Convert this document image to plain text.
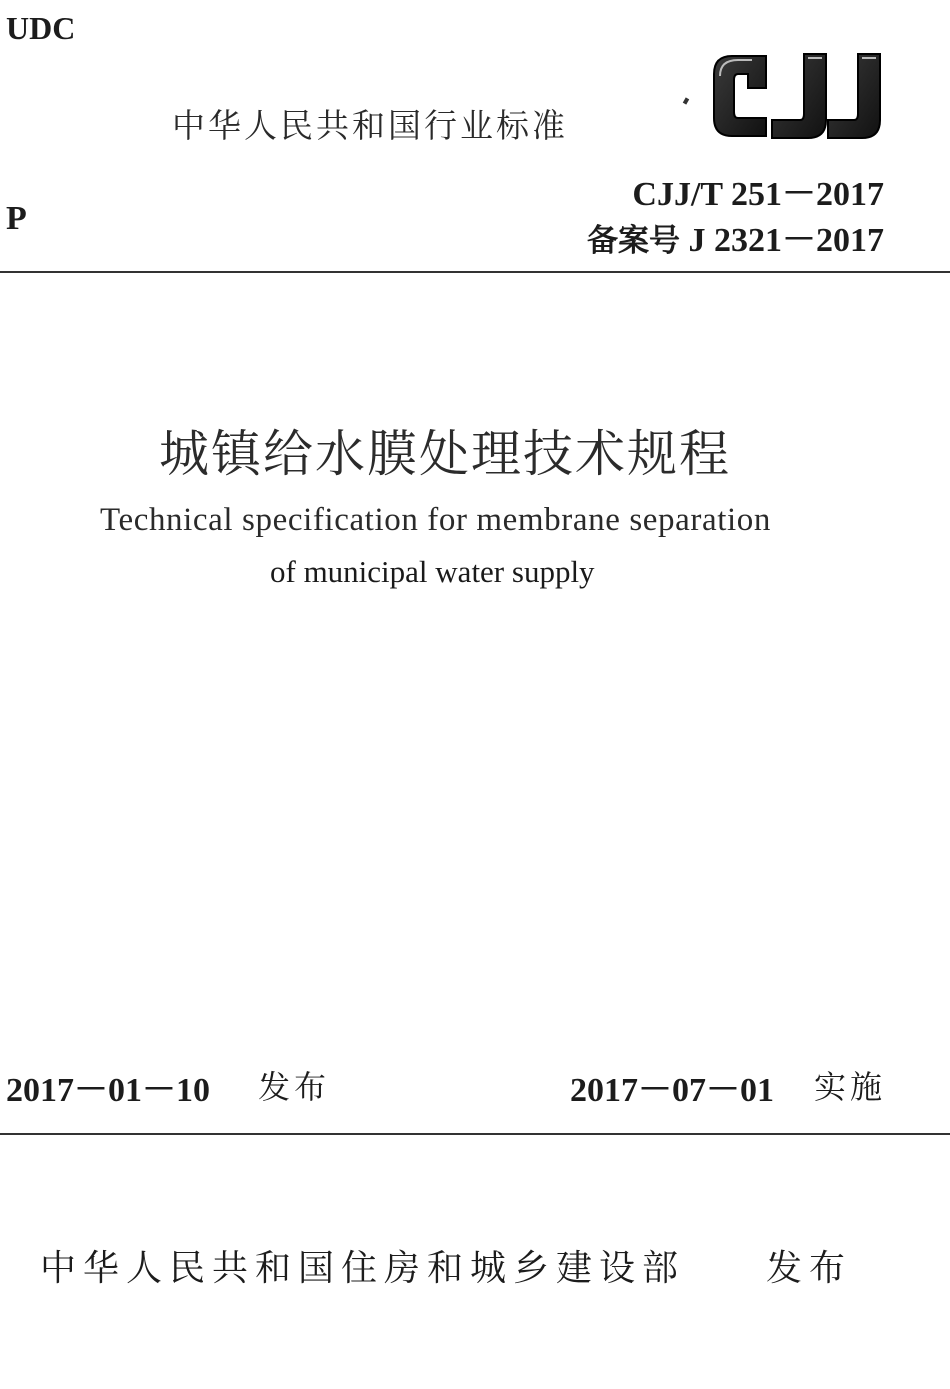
UDC
中华人民共和国行业标准
CJJ/T 251－2017
P
备案号 J 2321－2017
城镇给水膜处理技术规程
Technical specification for membrane separation
of municipal water supply
2017－01－10 发布	2017－07－01 实施
中华人民共和国住房和城乡建设部 发布
